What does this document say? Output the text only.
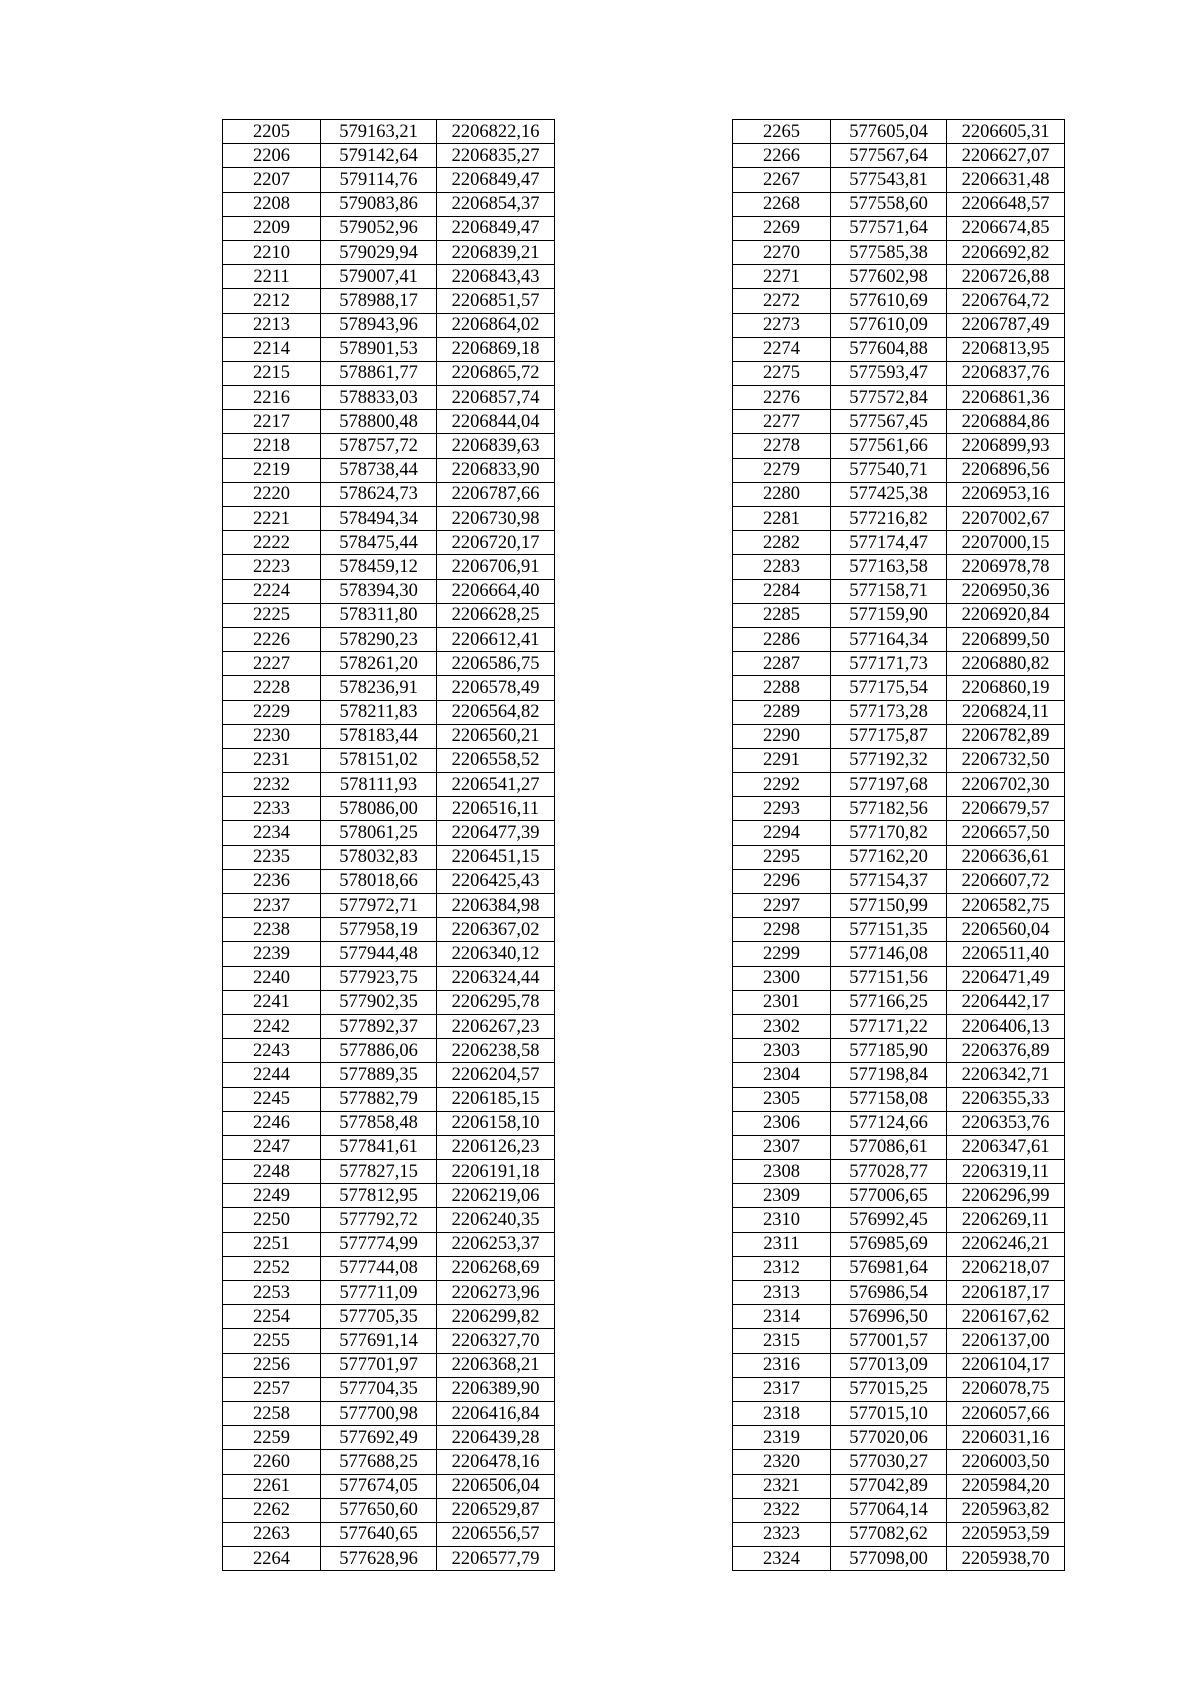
2205	579163,21	2206822,16
2206	579142,64	2206835,27
2207	579114,76	2206849,47
2208	579083,86	2206854,37
2209	579052,96	2206849,47
2210	579029,94	2206839,21
2211	579007,41	2206843,43
2212	578988,17	2206851,57
2213	578943,96	2206864,02
2214	578901,53	2206869,18
2215	578861,77	2206865,72
2216	578833,03	2206857,74
2217	578800,48	2206844,04
2218	578757,72	2206839,63
2219	578738,44	2206833,90
2220	578624,73	2206787,66
2221	578494,34	2206730,98
2222	578475,44	2206720,17
2223	578459,12	2206706,91
2224	578394,30	2206664,40
2225	578311,80	2206628,25
2226	578290,23	2206612,41
2227	578261,20	2206586,75
2228	578236,91	2206578,49
2229	578211,83	2206564,82
2230	578183,44	2206560,21
2231	578151,02	2206558,52
2232	578111,93	2206541,27
2233	578086,00	2206516,11
2234	578061,25	2206477,39
2235	578032,83	2206451,15
2236	578018,66	2206425,43
2237	577972,71	2206384,98
2238	577958,19	2206367,02
2239	577944,48	2206340,12
2240	577923,75	2206324,44
2241	577902,35	2206295,78
2242	577892,37	2206267,23
2243	577886,06	2206238,58
2244	577889,35	2206204,57
2245	577882,79	2206185,15
2246	577858,48	2206158,10
2247	577841,61	2206126,23
2248	577827,15	2206191,18
2249	577812,95	2206219,06
2250	577792,72	2206240,35
2251	577774,99	2206253,37
2252	577744,08	2206268,69
2253	577711,09	2206273,96
2254	577705,35	2206299,82
2255	577691,14	2206327,70
2256	577701,97	2206368,21
2257	577704,35	2206389,90
2258	577700,98	2206416,84
2259	577692,49	2206439,28
2260	577688,25	2206478,16
2261	577674,05	2206506,04
2262	577650,60	2206529,87
2263	577640,65	2206556,57
2264	577628,96	2206577,79
2265	577605,04	2206605,31
2266	577567,64	2206627,07
2267	577543,81	2206631,48
2268	577558,60	2206648,57
2269	577571,64	2206674,85
2270	577585,38	2206692,82
2271	577602,98	2206726,88
2272	577610,69	2206764,72
2273	577610,09	2206787,49
2274	577604,88	2206813,95
2275	577593,47	2206837,76
2276	577572,84	2206861,36
2277	577567,45	2206884,86
2278	577561,66	2206899,93
2279	577540,71	2206896,56
2280	577425,38	2206953,16
2281	577216,82	2207002,67
2282	577174,47	2207000,15
2283	577163,58	2206978,78
2284	577158,71	2206950,36
2285	577159,90	2206920,84
2286	577164,34	2206899,50
2287	577171,73	2206880,82
2288	577175,54	2206860,19
2289	577173,28	2206824,11
2290	577175,87	2206782,89
2291	577192,32	2206732,50
2292	577197,68	2206702,30
2293	577182,56	2206679,57
2294	577170,82	2206657,50
2295	577162,20	2206636,61
2296	577154,37	2206607,72
2297	577150,99	2206582,75
2298	577151,35	2206560,04
2299	577146,08	2206511,40
2300	577151,56	2206471,49
2301	577166,25	2206442,17
2302	577171,22	2206406,13
2303	577185,90	2206376,89
2304	577198,84	2206342,71
2305	577158,08	2206355,33
2306	577124,66	2206353,76
2307	577086,61	2206347,61
2308	577028,77	2206319,11
2309	577006,65	2206296,99
2310	576992,45	2206269,11
2311	576985,69	2206246,21
2312	576981,64	2206218,07
2313	576986,54	2206187,17
2314	576996,50	2206167,62
2315	577001,57	2206137,00
2316	577013,09	2206104,17
2317	577015,25	2206078,75
2318	577015,10	2206057,66
2319	577020,06	2206031,16
2320	577030,27	2206003,50
2321	577042,89	2205984,20
2322	577064,14	2205963,82
2323	577082,62	2205953,59
2324	577098,00	2205938,70
